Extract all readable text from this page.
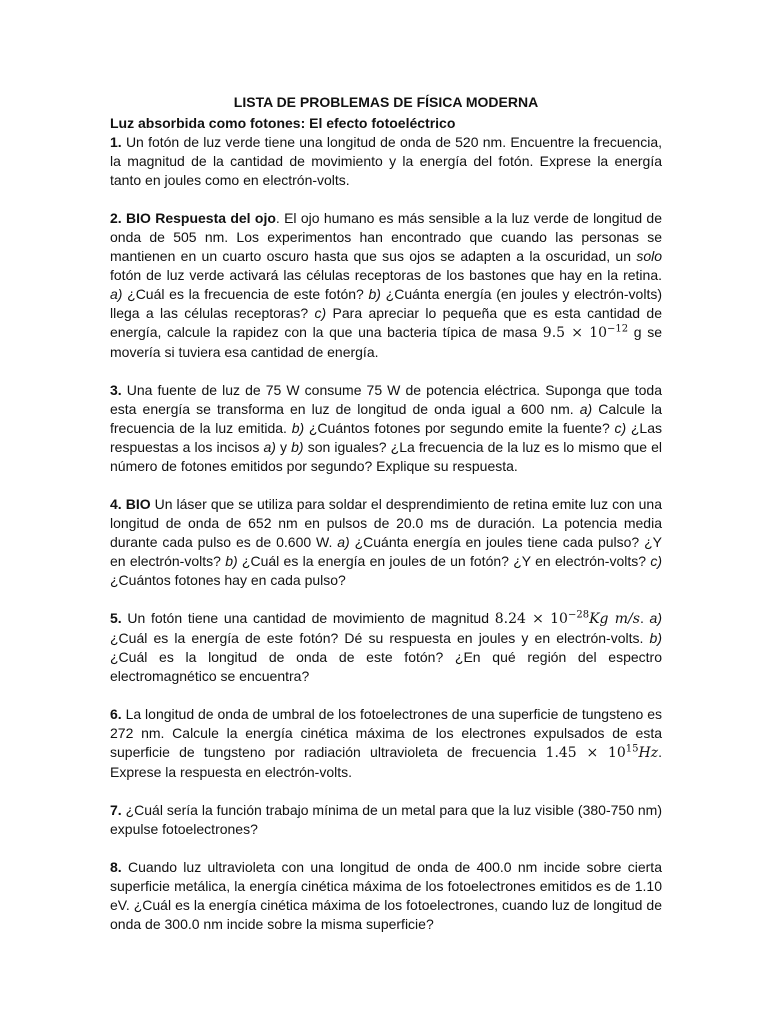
LISTA DE PROBLEMAS DE FÍSICA MODERNA

Luz absorbida como fotones: El efecto fotoeléctrico

1. Un fotón de luz verde tiene una longitud de onda de 520 nm. Encuentre la frecuencia, la magnitud de la cantidad de movimiento y la energía del fotón. Exprese la energía tanto en joules como en electrón-volts.

2. BIO Respuesta del ojo. El ojo humano es más sensible a la luz verde de longitud de onda de 505 nm. Los experimentos han encontrado que cuando las personas se mantienen en un cuarto oscuro hasta que sus ojos se adapten a la oscuridad, un solo fotón de luz verde activará las células receptoras de los bastones que hay en la retina. a) ¿Cuál es la frecuencia de este fotón? b) ¿Cuánta energía (en joules y electrón-volts) llega a las células receptoras? c) Para apreciar lo pequeña que es esta cantidad de energía, calcule la rapidez con la que una bacteria típica de masa $9.5 \times 10^{-12}$ g se movería si tuviera esa cantidad de energía.

3. Una fuente de luz de 75 W consume 75 W de potencia eléctrica. Suponga que toda esta energía se transforma en luz de longitud de onda igual a 600 nm. a) Calcule la frecuencia de la luz emitida. b) ¿Cuántos fotones por segundo emite la fuente? c) ¿Las respuestas a los incisos a) y b) son iguales? ¿La frecuencia de la luz es lo mismo que el número de fotones emitidos por segundo? Explique su respuesta.

4. BIO Un láser que se utiliza para soldar el desprendimiento de retina emite luz con una longitud de onda de 652 nm en pulsos de 20.0 ms de duración. La potencia media durante cada pulso es de 0.600 W. a) ¿Cuánta energía en joules tiene cada pulso? ¿Y en electrón-volts? b) ¿Cuál es la energía en joules de un fotón? ¿Y en electrón-volts? c) ¿Cuántos fotones hay en cada pulso?

5. Un fotón tiene una cantidad de movimiento de magnitud $8.24 \times 10^{-28}Kg$ m/s. a) ¿Cuál es la energía de este fotón? Dé su respuesta en joules y en electrón-volts. b) ¿Cuál es la longitud de onda de este fotón? ¿En qué región del espectro electromagnético se encuentra?

6. La longitud de onda de umbral de los fotoelectrones de una superficie de tungsteno es 272 nm. Calcule la energía cinética máxima de los electrones expulsados de esta superficie de tungsteno por radiación ultravioleta de frecuencia $1.45 \times 10^{15}Hz$. Exprese la respuesta en electrón-volts.

7. ¿Cuál sería la función trabajo mínima de un metal para que la luz visible (380-750 nm) expulse fotoelectrones?

8. Cuando luz ultravioleta con una longitud de onda de 400.0 nm incide sobre cierta superficie metálica, la energía cinética máxima de los fotoelectrones emitidos es de 1.10 eV. ¿Cuál es la energía cinética máxima de los fotoelectrones, cuando luz de longitud de onda de 300.0 nm incide sobre la misma superficie?
